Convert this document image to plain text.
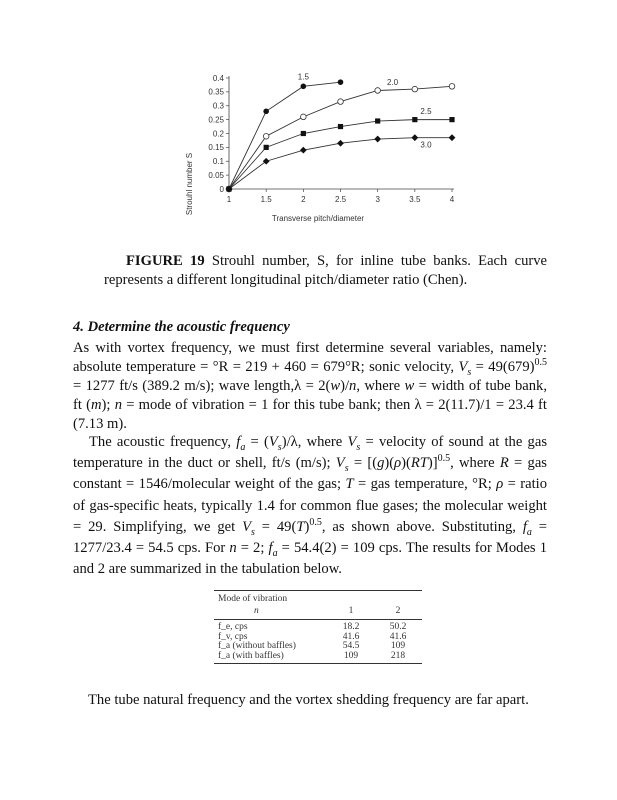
0
0.05
0.1
0.15
0.2
0.25
0.3
0.35
0.4
1	1.5	2	2.5	3	3.5	4
1.5
2.0
2.5
3.0
Strouhl number S
Transverse pitch/diameter
FIGURE 19 Strouhl number, S, for inline tube banks. Each curve represents a different longitudinal pitch/diameter ratio (Chen).
4. Determine the acoustic frequency
As with vortex frequency, we must first determine several variables, namely: absolute temperature = °R = 219 + 460 = 679°R; sonic velocity, $V_s = 49(679)^{0.5} = 1277$ ft/s (389.2 m/s); wave length,λ = 2(w)/n, where w = width of tube bank, ft (m); n = mode of vibration = 1 for this tube bank; then λ = 2(11.7)/1 = 23.4 ft (7.13 m).
The acoustic frequency, $f_a = (V_s)/\lambda$, where $V_s$ = velocity of sound at the gas temperature in the duct or shell, ft/s (m/s); $V_s = [(g)(\rho)(RT)]^{0.5}$, where R = gas constant = 1546/molecular weight of the gas; T = gas temperature, °R; ρ = ratio of gas-specific heats, typically 1.4 for common flue gases; the molecular weight = 29. Simplifying, we get $V_s = 49(T)^{0.5}$, as shown above. Substituting, $f_a = 1277/23.4 = 54.5$ cps. For n = 2; $f_a = 54.4(2) = 109$ cps. The results for Modes 1 and 2 are summarized in the tabulation below.
Mode of vibration
n	1	2
f_e, cps	18.2	50.2
f_v, cps	41.6	41.6
f_a (without baffles)	54.5	109
f_a (with baffles)	109	218
The tube natural frequency and the vortex shedding frequency are far apart.
